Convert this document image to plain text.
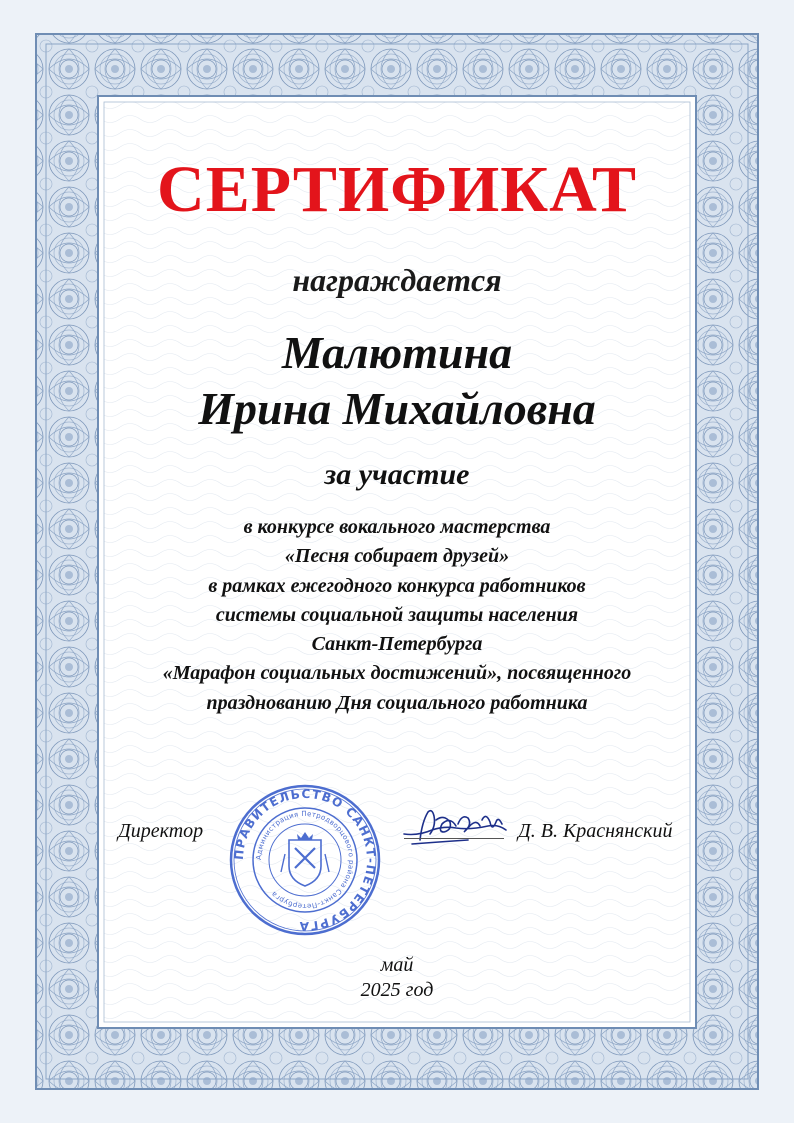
СЕРТИФИКАТ
награждается
Малютина
Ирина Михайловна
за участие
в конкурсе вокального мастерства
«Песня собирает друзей»
в рамках ежегодного конкурса работников
системы социальной защиты населения
Санкт-Петербурга
«Марафон социальных достижений», посвященного
празднованию Дня социального работника
Директор
ПРАВИТЕЛЬСТВО САНКТ-ПЕТЕРБУРГА
Администрация Петродворцового района Санкт-Петербурга
Д. В. Краснянский
май
2025 год
